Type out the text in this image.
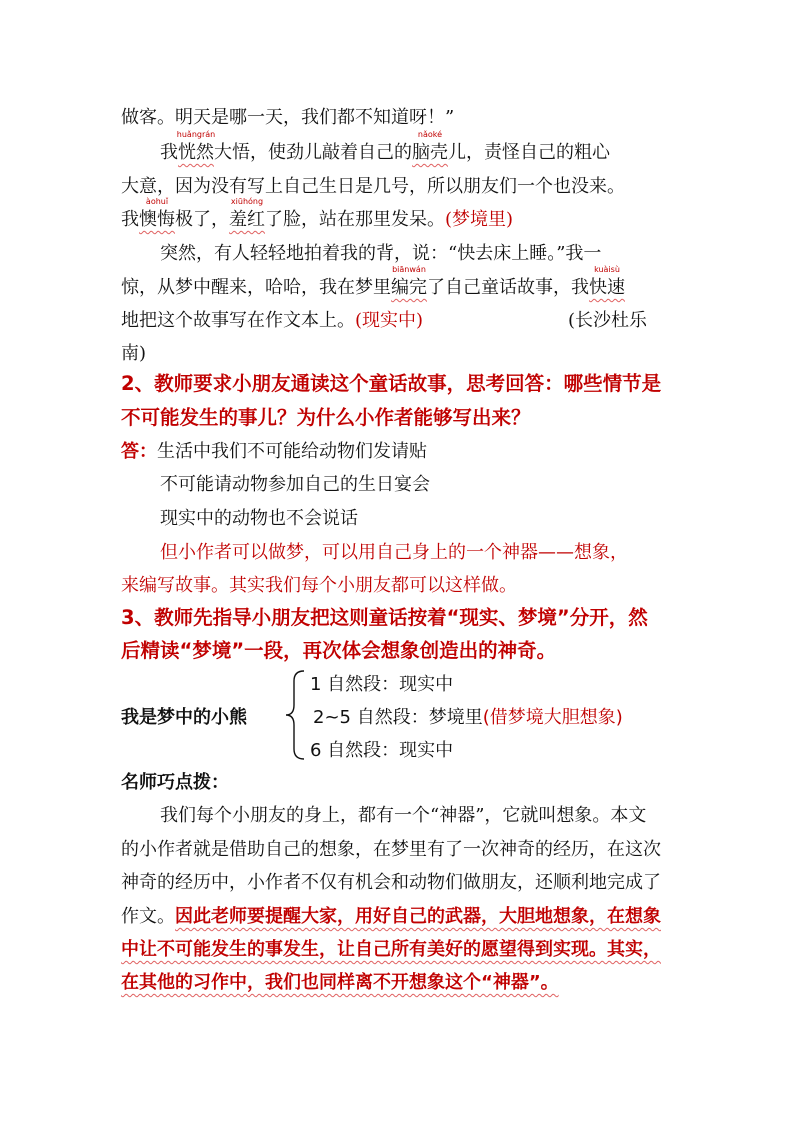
做客。明天是哪一天，我们都不知道呀！”
我
huǎngrán
恍然大悟，使劲儿敲着自己的
nǎoké
脑壳儿，责怪自己的粗心
大意，因为没有写上自己生日是几号，所以朋友们一个也没来。
我
àohuǐ
懊悔极了，
xiūhóng
羞红了脸，站在那里发呆。(梦境里)
突然，有人轻轻地拍着我的背，说：“快去床上睡。”我一
惊，从梦中醒来，哈哈，我在梦里
biānwán
编完了自己童话故事，我
kuàisù
快速
地把这个故事写在作文本上。(现实中)	(长沙杜乐
南)
2、教师要求小朋友通读这个童话故事，思考回答：哪些情节是
不可能发生的事儿？为什么小作者能够写出来？
答：生活中我们不可能给动物们发请贴
不可能请动物参加自己的生日宴会
现实中的动物也不会说话
但小作者可以做梦，可以用自己身上的一个神器——想象，
来编写故事。其实我们每个小朋友都可以这样做。
3、教师先指导小朋友把这则童话按着“现实、梦境”分开，然
后精读“梦境”一段，再次体会想象创造出的神奇。
我是梦中的小熊
1 自然段：现实中
2~5 自然段：梦境里(借梦境大胆想象)
6 自然段：现实中
名师巧点拨：
我们每个小朋友的身上，都有一个“神器”，它就叫想象。本文
的小作者就是借助自己的想象，在梦里有了一次神奇的经历，在这次
神奇的经历中，小作者不仅有机会和动物们做朋友，还顺利地完成了
作文。因此老师要提醒大家，用好自己的武器，大胆地想象，在想象
中让不可能发生的事发生，让自己所有美好的愿望得到实现。其实，
在其他的习作中，我们也同样离不开想象这个“神器”。
